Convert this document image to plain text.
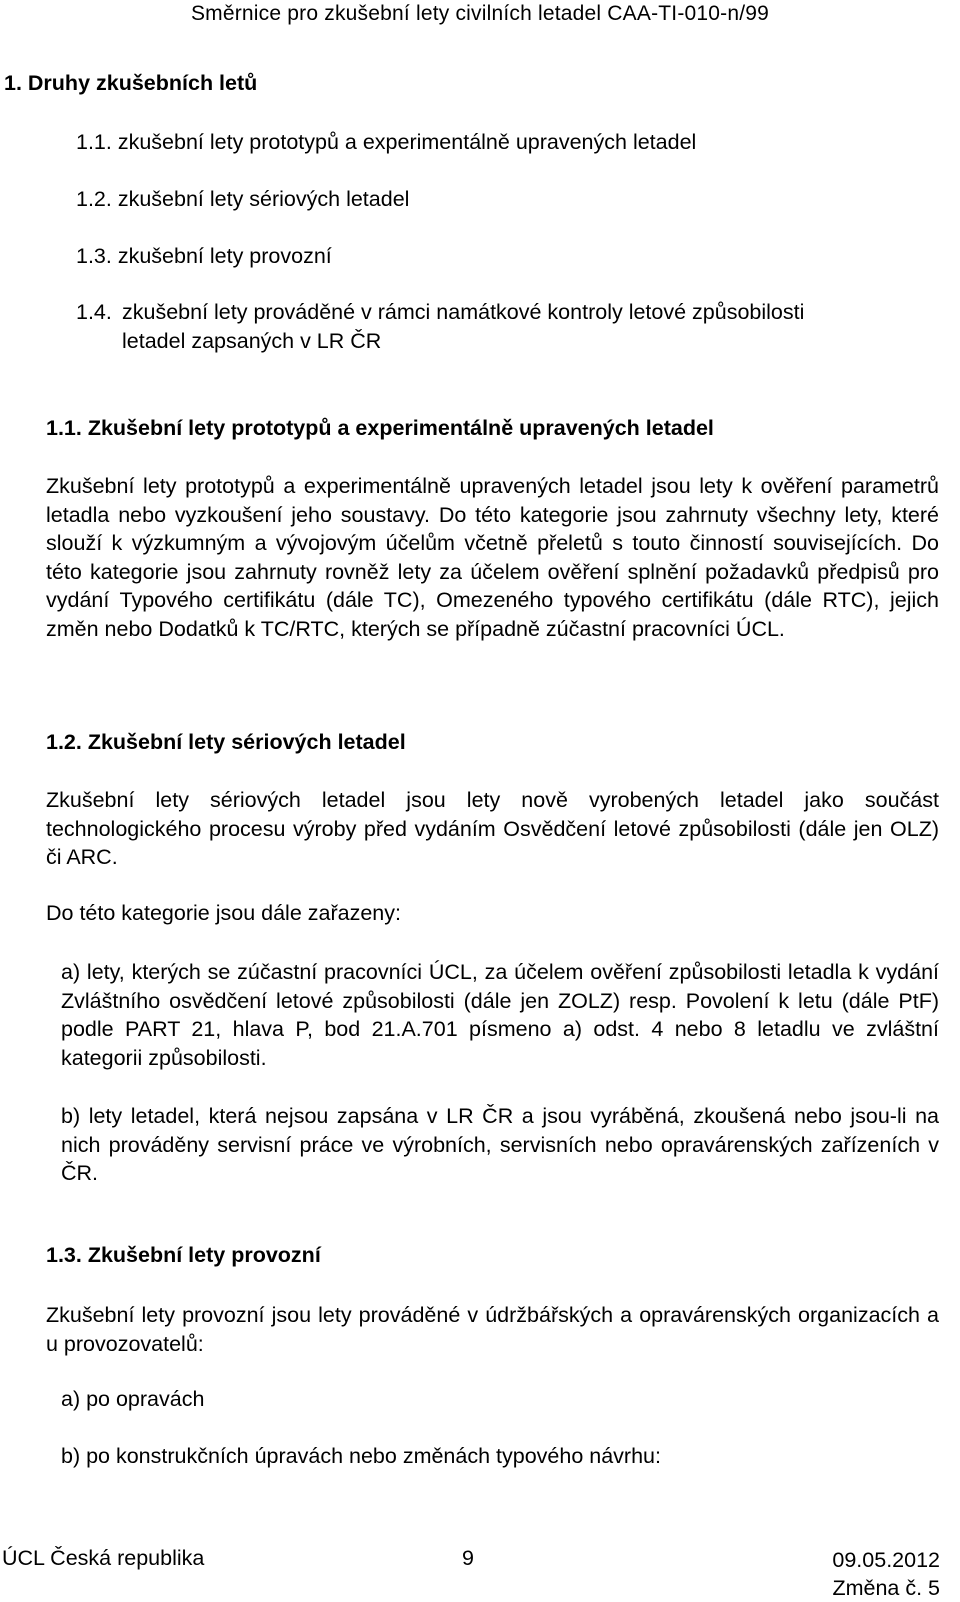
Směrnice pro zkušební lety civilních letadel CAA-TI-010-n/99
1. Druhy zkušebních letů
1.1. zkušební lety prototypů a experimentálně upravených letadel
1.2. zkušební lety sériových letadel
1.3. zkušební lety provozní
1.4. zkušební lety prováděné v rámci namátkové kontroly letové způsobilosti
letadel zapsaných v LR ČR
1.1. Zkušební lety prototypů a experimentálně upravených letadel
Zkušební lety prototypů a experimentálně upravených letadel jsou lety k ověření parametrů letadla nebo vyzkoušení jeho soustavy. Do této kategorie jsou zahrnuty všechny lety, které slouží k výzkumným a vývojovým účelům včetně přeletů s touto činností souvisejících. Do této kategorie jsou zahrnuty rovněž lety za účelem ověření splnění požadavků předpisů pro vydání Typového certifikátu (dále TC), Omezeného typového certifikátu (dále RTC), jejich změn nebo Dodatků k TC/RTC, kterých se případně zúčastní pracovníci ÚCL.
1.2. Zkušební lety sériových letadel
Zkušební lety sériových letadel jsou lety nově vyrobených letadel jako součást technologického procesu výroby před vydáním Osvědčení letové způsobilosti (dále jen OLZ) či ARC.
Do této kategorie jsou dále zařazeny:
a) lety, kterých se zúčastní pracovníci ÚCL, za účelem ověření způsobilosti letadla k vydání Zvláštního osvědčení letové způsobilosti (dále jen ZOLZ) resp. Povolení k letu (dále PtF) podle PART 21, hlava P, bod 21.A.701 písmeno a) odst. 4 nebo 8 letadlu ve zvláštní kategorii způsobilosti.
b) lety letadel, která nejsou zapsána v LR ČR a jsou vyráběná, zkoušená nebo jsou-li na nich prováděny servisní práce ve výrobních, servisních nebo opravárenských zařízeních v ČR.
1.3. Zkušební lety provozní
Zkušební lety provozní jsou lety prováděné v údržbářských a opravárenských organizacích a u provozovatelů:
a) po opravách
b) po konstrukčních úpravách nebo změnách typového návrhu:
ÚCL Česká republika	9	09.05.2012
Změna č. 5
